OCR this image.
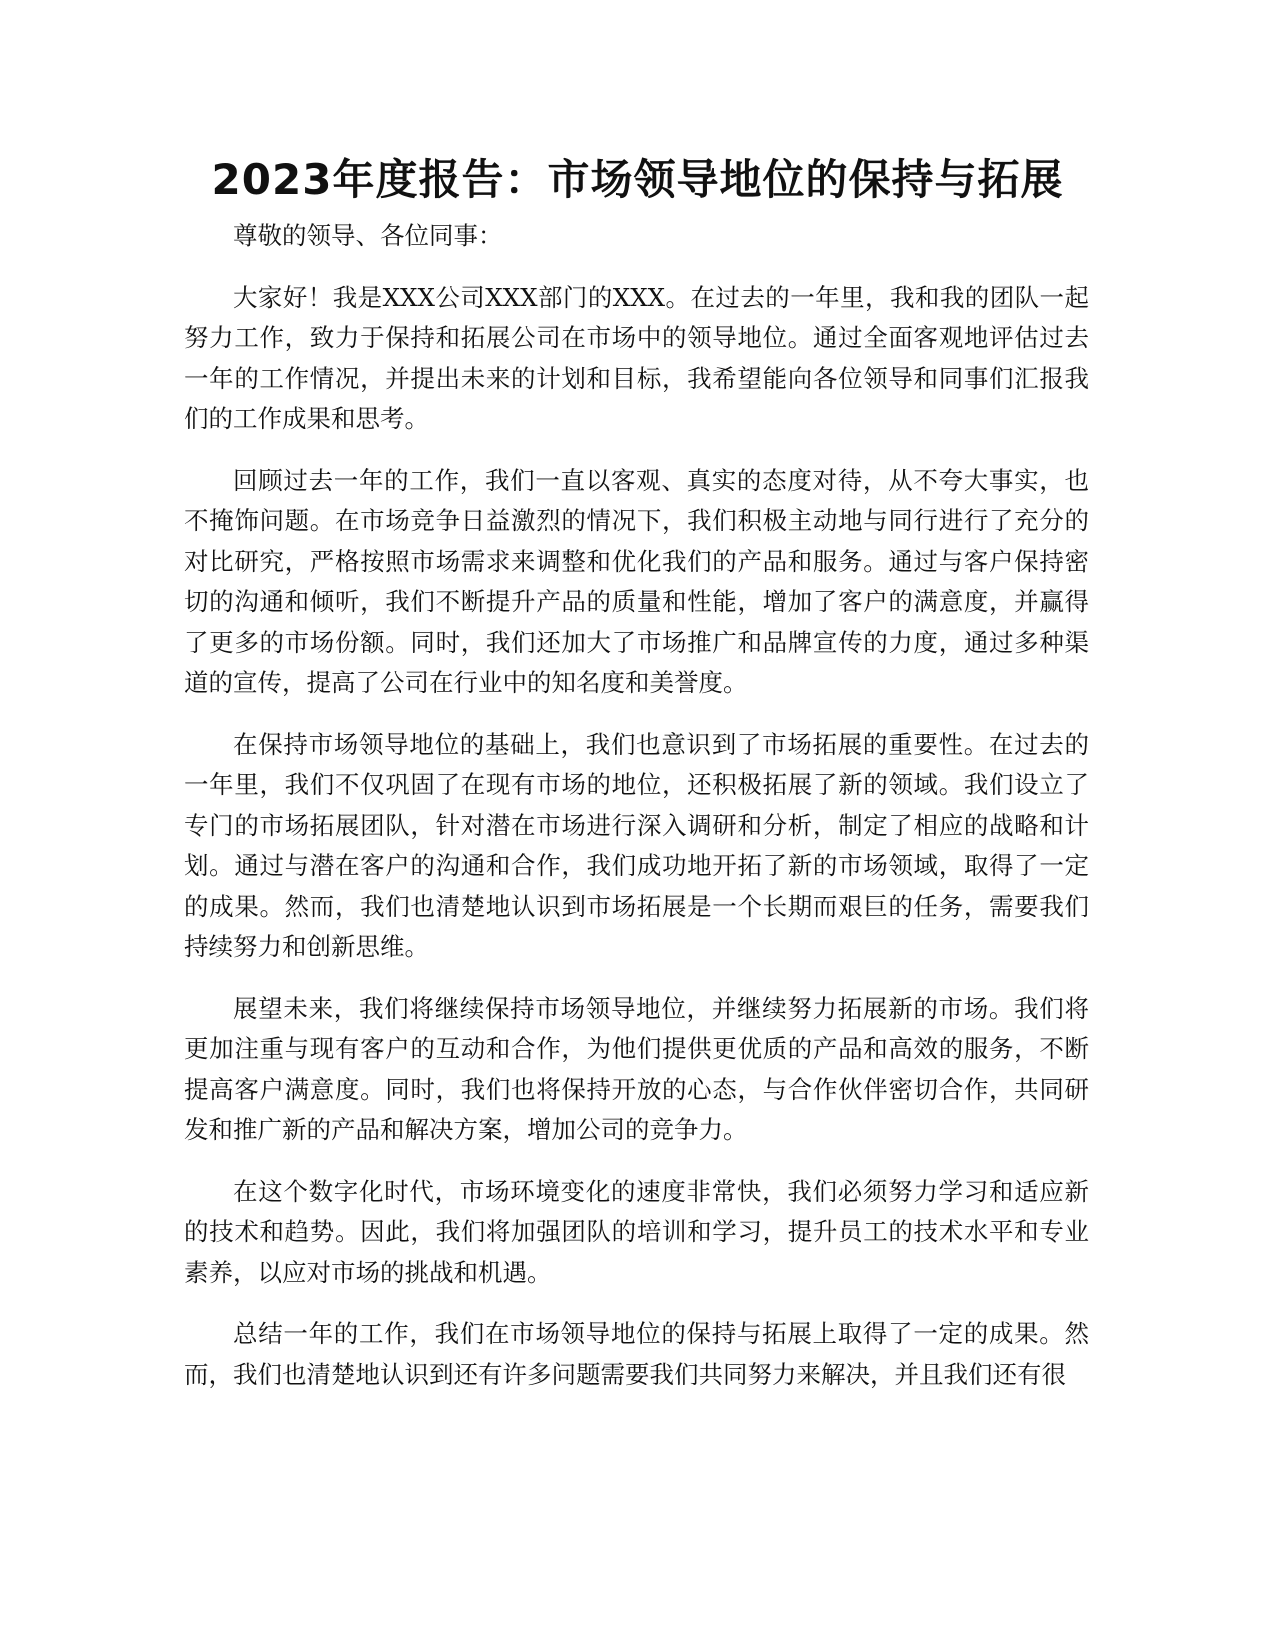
2023年度报告：市场领导地位的保持与拓展

尊敬的领导、各位同事：

大家好！我是XXX公司XXX部门的XXX。在过去的一年里，我和我的团队一起努力工作，致力于保持和拓展公司在市场中的领导地位。通过全面客观地评估过去一年的工作情况，并提出未来的计划和目标，我希望能向各位领导和同事们汇报我们的工作成果和思考。

回顾过去一年的工作，我们一直以客观、真实的态度对待，从不夸大事实，也不掩饰问题。在市场竞争日益激烈的情况下，我们积极主动地与同行进行了充分的对比研究，严格按照市场需求来调整和优化我们的产品和服务。通过与客户保持密切的沟通和倾听，我们不断提升产品的质量和性能，增加了客户的满意度，并赢得了更多的市场份额。同时，我们还加大了市场推广和品牌宣传的力度，通过多种渠道的宣传，提高了公司在行业中的知名度和美誉度。

在保持市场领导地位的基础上，我们也意识到了市场拓展的重要性。在过去的一年里，我们不仅巩固了在现有市场的地位，还积极拓展了新的领域。我们设立了专门的市场拓展团队，针对潜在市场进行深入调研和分析，制定了相应的战略和计划。通过与潜在客户的沟通和合作，我们成功地开拓了新的市场领域，取得了一定的成果。然而，我们也清楚地认识到市场拓展是一个长期而艰巨的任务，需要我们持续努力和创新思维。

展望未来，我们将继续保持市场领导地位，并继续努力拓展新的市场。我们将更加注重与现有客户的互动和合作，为他们提供更优质的产品和高效的服务，不断提高客户满意度。同时，我们也将保持开放的心态，与合作伙伴密切合作，共同研发和推广新的产品和解决方案，增加公司的竞争力。

在这个数字化时代，市场环境变化的速度非常快，我们必须努力学习和适应新的技术和趋势。因此，我们将加强团队的培训和学习，提升员工的技术水平和专业素养，以应对市场的挑战和机遇。

总结一年的工作，我们在市场领导地位的保持与拓展上取得了一定的成果。然而，我们也清楚地认识到还有许多问题需要我们共同努力来解决，并且我们还有很
